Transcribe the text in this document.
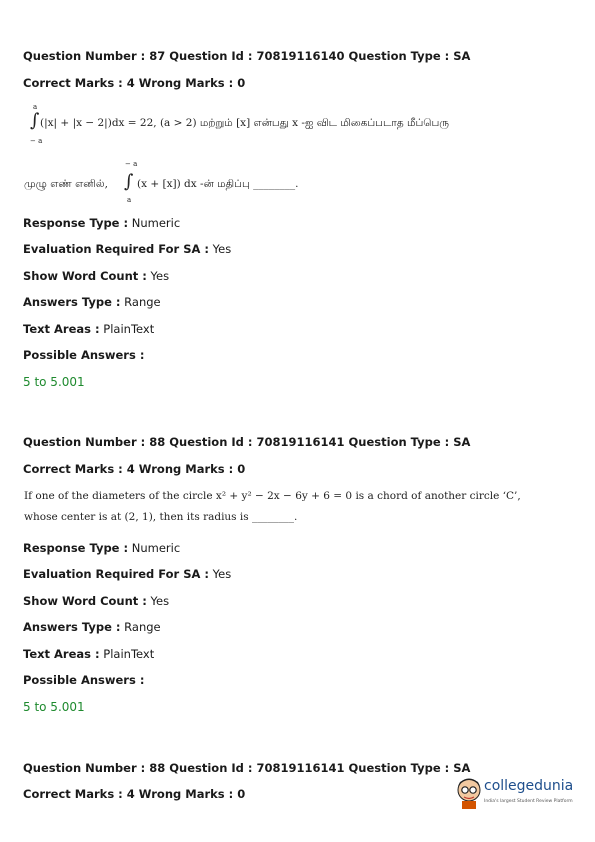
Question Number : 87 Question Id : 70819116140 Question Type : SA
Correct Marks : 4 Wrong Marks : 0
a
∫
− a
(|x| + |x − 2|)dx = 22, (a > 2) மற்றும் [x] என்பது x -ஐ விட மிகைப்படாத மீப்பெரு
முழு எண் எனில்,
− a
∫
a
(x + [x]) dx -ன் மதிப்பு ________.
Response Type : Numeric
Evaluation Required For SA : Yes
Show Word Count : Yes
Answers Type : Range
Text Areas : PlainText
Possible Answers :
5 to 5.001
Question Number : 88 Question Id : 70819116141 Question Type : SA
Correct Marks : 4 Wrong Marks : 0
If one of the diameters of the circle x² + y² − 2x − 6y + 6 = 0 is a chord of another circle ‘C’,
whose center is at (2, 1), then its radius is ________.
Response Type : Numeric
Evaluation Required For SA : Yes
Show Word Count : Yes
Answers Type : Range
Text Areas : PlainText
Possible Answers :
5 to 5.001
Question Number : 88 Question Id : 70819116141 Question Type : SA
Correct Marks : 4 Wrong Marks : 0	collegedunia
India's largest Student Review Platform
